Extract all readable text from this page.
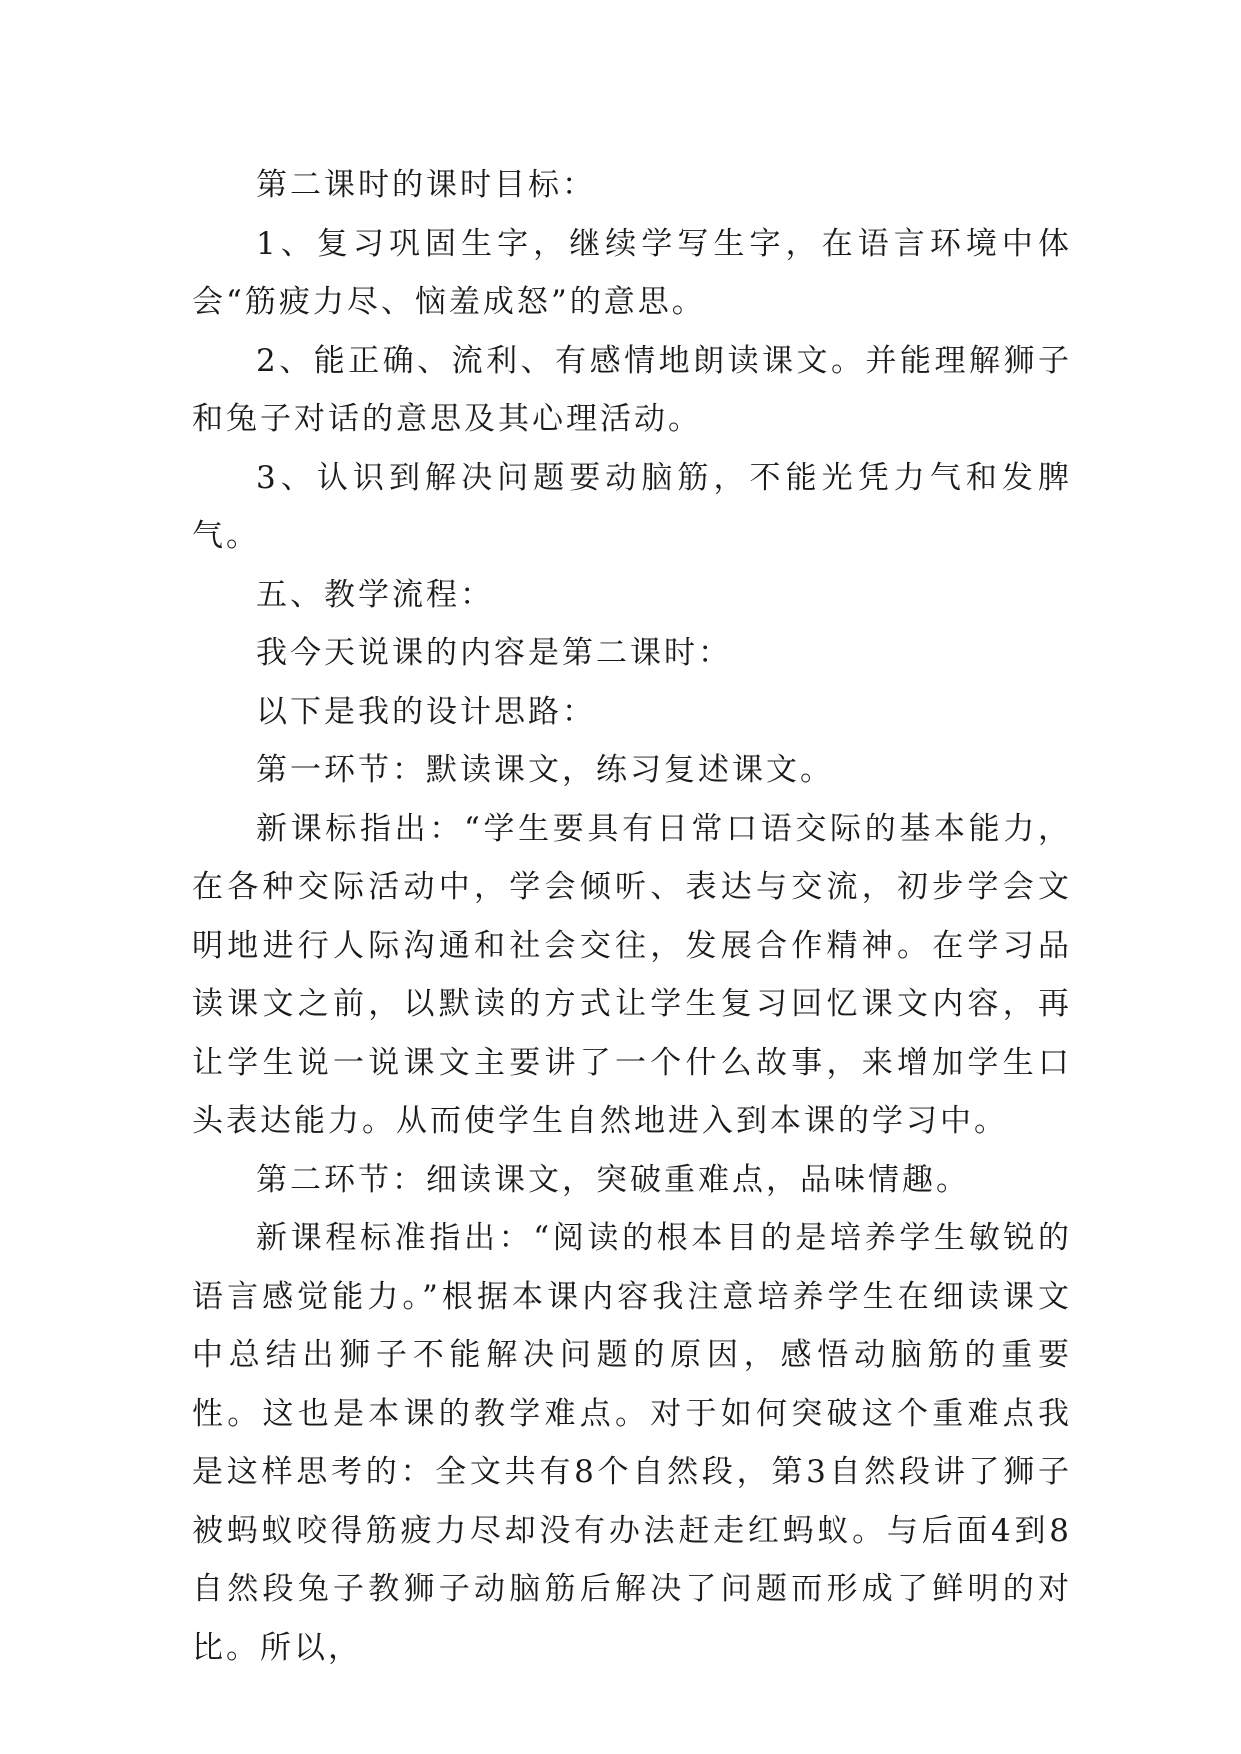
第二课时的课时目标：

1、复习巩固生字，继续学写生字，在语言环境中体会“筋疲力尽、恼羞成怒”的意思。

2、能正确、流利、有感情地朗读课文。并能理解狮子和兔子对话的意思及其心理活动。

3、认识到解决问题要动脑筋，不能光凭力气和发脾气。

五、教学流程：

我今天说课的内容是第二课时：

以下是我的设计思路：

第一环节：默读课文，练习复述课文。

新课标指出：“学生要具有日常口语交际的基本能力，在各种交际活动中，学会倾听、表达与交流，初步学会文明地进行人际沟通和社会交往，发展合作精神。在学习品读课文之前，以默读的方式让学生复习回忆课文内容，再让学生说一说课文主要讲了一个什么故事，来增加学生口头表达能力。从而使学生自然地进入到本课的学习中。

第二环节：细读课文，突破重难点，品味情趣。

新课程标准指出：“阅读的根本目的是培养学生敏锐的语言感觉能力。”根据本课内容我注意培养学生在细读课文中总结出狮子不能解决问题的原因，感悟动脑筋的重要性。这也是本课的教学难点。对于如何突破这个重难点我是这样思考的：全文共有8个自然段，第3自然段讲了狮子被蚂蚁咬得筋疲力尽却没有办法赶走红蚂蚁。与后面4到8自然段兔子教狮子动脑筋后解决了问题而形成了鲜明的对比。所以，
